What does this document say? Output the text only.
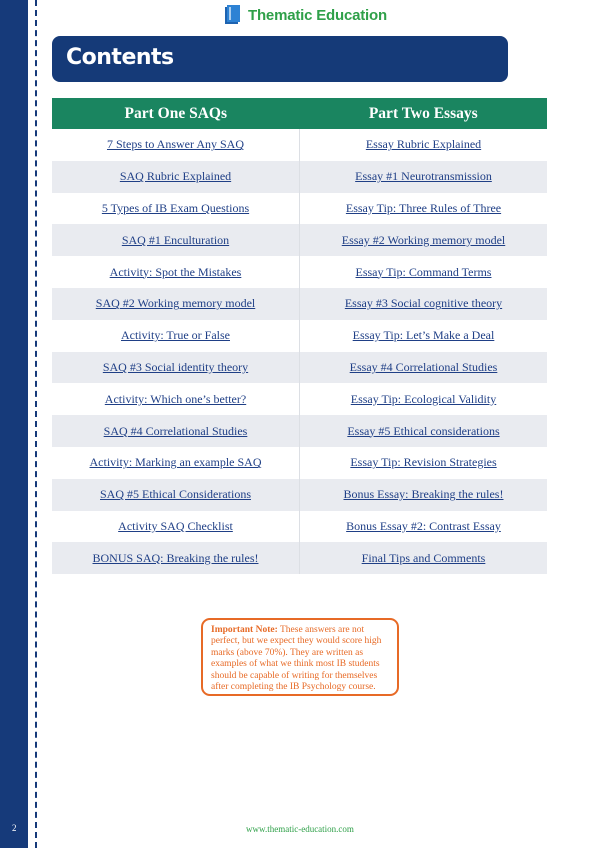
Thematic Education
Contents
Part One SAQs	Part Two Essays
7 Steps to Answer Any SAQ	Essay Rubric Explained
SAQ Rubric Explained	Essay #1 Neurotransmission
5 Types of IB Exam Questions	Essay Tip: Three Rules of Three
SAQ #1 Enculturation	Essay #2 Working memory model
Activity: Spot the Mistakes	Essay Tip: Command Terms
SAQ #2 Working memory model	Essay #3 Social cognitive theory
Activity: True or False	Essay Tip: Let’s Make a Deal
SAQ #3 Social identity theory	Essay #4 Correlational Studies
Activity: Which one’s better?	Essay Tip: Ecological Validity
SAQ #4 Correlational Studies	Essay #5 Ethical considerations
Activity: Marking an example SAQ	Essay Tip: Revision Strategies
SAQ #5 Ethical Considerations	Bonus Essay: Breaking the rules!
Activity SAQ Checklist	Bonus Essay #2: Contrast Essay
BONUS SAQ: Breaking the rules!	Final Tips and Comments
Important Note: These answers are not perfect, but we expect they would score high marks (above 70%). They are written as examples of what we think most IB students should be capable of writing for themselves after completing the IB Psychology course.
2	www.thematic-education.com
